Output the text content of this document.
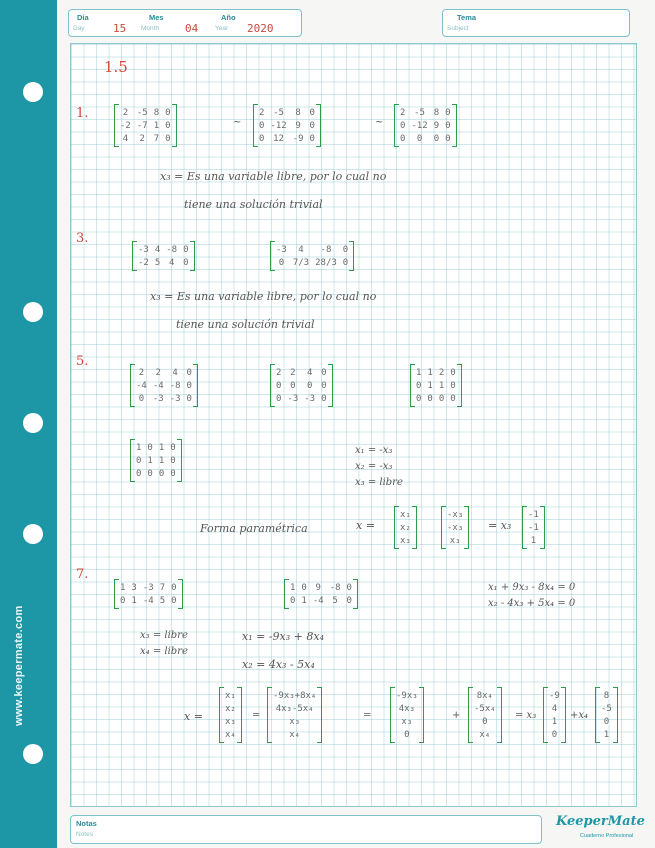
www.keepermate.com
Día
Day	15
Mes
Month 04
Año
Year 2020
Tema
Subject
1.5
1.	2	-5	8	0
-2	-7	1	0
4	2	7	0
~
2	-5	8	0
0	-12	9	0
0	12	-9	0
~
2	-5	8	0
0	-12	9	0
0	0	0	0
x₃ = Es una variable libre, por lo cual no
tiene una solución trivial
3.
-3	4	-8	0
-2	5	4	0
-3	4	-8	0
0	7/3	28/3	0
x₃ = Es una variable libre, por lo cual no
tiene una solución trivial
5.
2	2	4	0
-4	-4	-8	0
0	-3	-3	0
2	2	4	0
0	0	0	0
0	-3	-3	0
1	1	2	0
0	1	1	0
0	0	0	0
1	0	1	0
0	1	1	0
0	0	0	0
x₁ = -x₃
x₂ = -x₃
x₃ = libre
Forma paramétrica	x =
x₁
x₂
x₃
-x₃
-x₃
x₃
= x₃
-1
-1
1
7.
1	3	-3	7	0
0	1	-4	5	0
1	0	9	-8	0
0	1	-4	5	0
x₁ + 9x₃ - 8x₄ = 0
x₂ - 4x₃ + 5x₄ = 0
x₃ = libre
x₄ = libre
x₁ = -9x₃ + 8x₄
x₂ = 4x₃ - 5x₄
x =
x₁
x₂
x₃
x₄
=
-9x₃+8x₄
4x₃-5x₄
x₃
x₄
=
-9x₃
4x₃
x₃
0
+
8x₄
-5x₄
0
x₄
= x₃
-9
4
1
0
+x₄
8
-5
0
1
Notas
Notes
KeeperMate
Cuaderno Profesional
